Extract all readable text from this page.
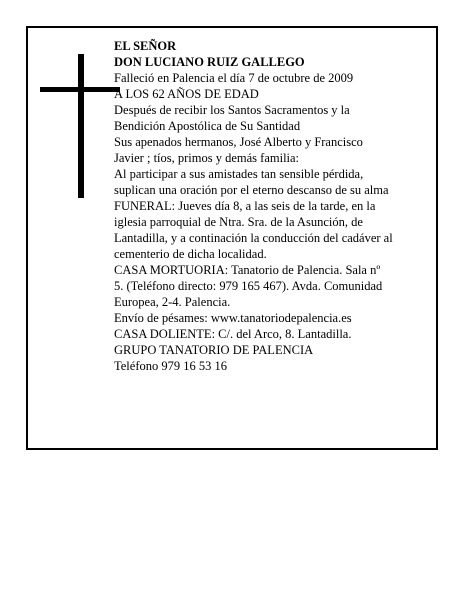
EL SEÑOR
DON LUCIANO RUIZ GALLEGO
Falleció en Palencia el día 7 de octubre de 2009
A LOS 62 AÑOS DE EDAD
Después de recibir los Santos Sacramentos y la
Bendición Apostólica de Su Santidad
Sus apenados hermanos, José Alberto y Francisco
Javier ; tíos, primos y demás familia:
Al participar a sus amistades tan sensible pérdida,
suplican una oración por el eterno descanso de su alma
FUNERAL: Jueves día 8, a las seis de la tarde, en la
iglesia parroquial de Ntra. Sra. de la Asunción, de
Lantadilla, y a continación la conducción del cadáver al
cementerio de dicha localidad.
CASA MORTUORIA: Tanatorio de Palencia. Sala nº
5. (Teléfono directo: 979 165 467). Avda. Comunidad
Europea, 2-4. Palencia.
Envío de pésames: www.tanatoriodepalencia.es
CASA DOLIENTE: C/. del Arco, 8. Lantadilla.
GRUPO TANATORIO DE PALENCIA
Teléfono 979 16 53 16
